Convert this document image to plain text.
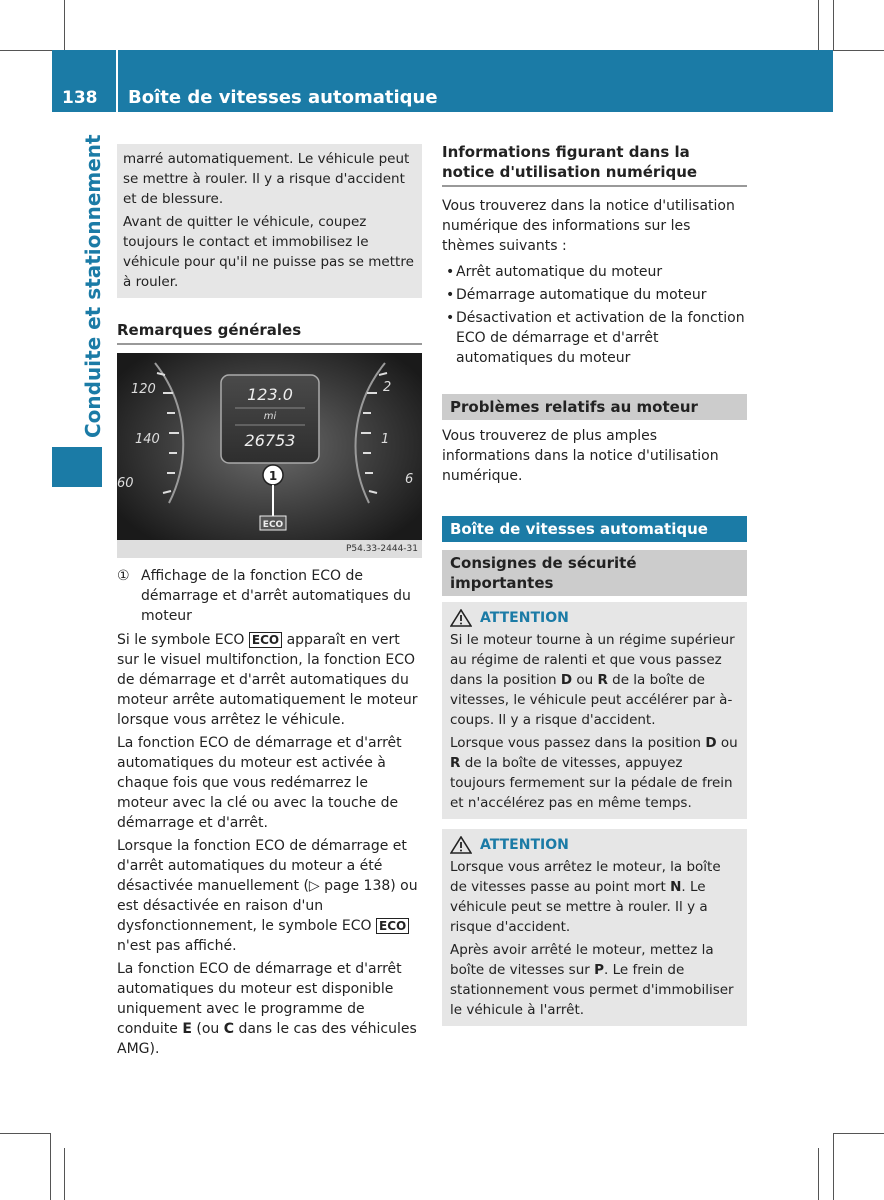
138	Boîte de vitesses automatique
Conduite et stationnement	marré automatiquement. Le véhicule peut se mettre à rouler. Il y a risque d'accident et de blessure.

Avant de quitter le véhicule, coupez toujours le contact et immobilisez le véhicule pour qu'il ne puisse pas se mettre à rouler.

Remarques générales
120
140
60
2
1
6
123.0
mi
26753
1
ECO
P54.33-2444-31
① Affichage de la fonction ECO de démarrage et d'arrêt automatiques du moteur

Si le symbole ECO ECO apparaît en vert sur le visuel multifonction, la fonction ECO de démarrage et d'arrêt automatiques du moteur arrête automatiquement le moteur lorsque vous arrêtez le véhicule.

La fonction ECO de démarrage et d'arrêt automatiques du moteur est activée à chaque fois que vous redémarrez le moteur avec la clé ou avec la touche de démarrage et d'arrêt.

Lorsque la fonction ECO de démarrage et d'arrêt automatiques du moteur a été désactivée manuellement (▷ page 138) ou est désactivée en raison d'un dysfonctionnement, le symbole ECO ECO n'est pas affiché.

La fonction ECO de démarrage et d'arrêt automatiques du moteur est disponible uniquement avec le programme de conduite E (ou C dans le cas des véhicules AMG).

Informations figurant dans la notice d'utilisation numérique

Vous trouverez dans la notice d'utilisation numérique des informations sur les thèmes suivants :

• Arrêt automatique du moteur
• Démarrage automatique du moteur
• Désactivation et activation de la fonction ECO de démarrage et d'arrêt automatiques du moteur
Problèmes relatifs au moteur

Vous trouverez de plus amples informations dans la notice d'utilisation numérique.

Boîte de vitesses automatique
Consignes de sécurité importantes
ATTENTION

Si le moteur tourne à un régime supérieur au régime de ralenti et que vous passez dans la position D ou R de la boîte de vitesses, le véhicule peut accélérer par à-coups. Il y a risque d'accident.

Lorsque vous passez dans la position D ou R de la boîte de vitesses, appuyez toujours fermement sur la pédale de frein et n'accélérez pas en même temps.

ATTENTION

Lorsque vous arrêtez le moteur, la boîte de vitesses passe au point mort N. Le véhicule peut se mettre à rouler. Il y a risque d'accident.

Après avoir arrêté le moteur, mettez la boîte de vitesses sur P. Le frein de stationnement vous permet d'immobiliser le véhicule à l'arrêt.
